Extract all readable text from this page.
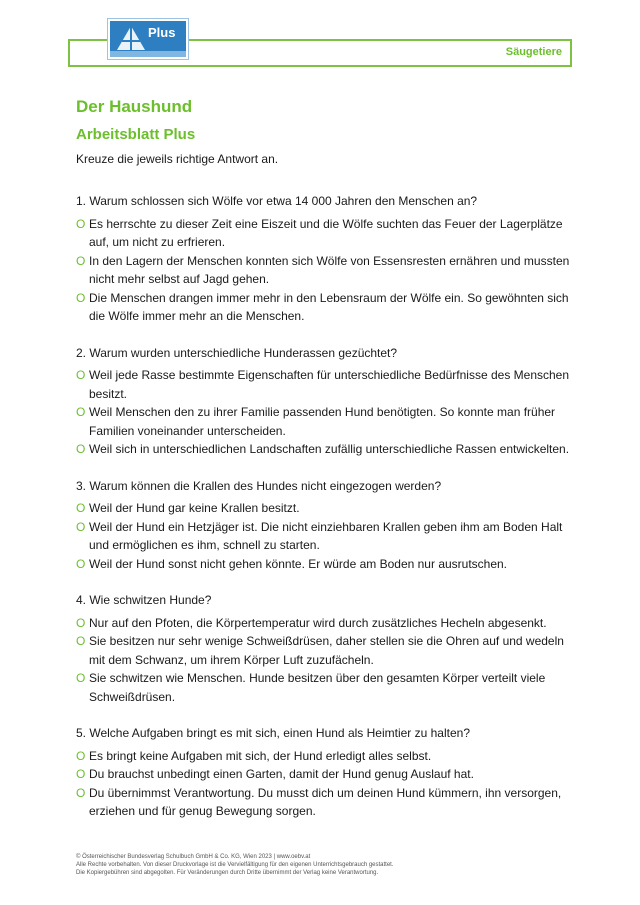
Plus
Säugetiere
Der Haushund
Arbeitsblatt Plus
Kreuze die jeweils richtige Antwort an.
1. Warum schlossen sich Wölfe vor etwa 14 000 Jahren den Menschen an?
O Es herrschte zu dieser Zeit eine Eiszeit und die Wölfe suchten das Feuer der Lagerplätze auf, um nicht zu erfrieren.
O In den Lagern der Menschen konnten sich Wölfe von Essensresten ernähren und mussten nicht mehr selbst auf Jagd gehen.
O Die Menschen drangen immer mehr in den Lebensraum der Wölfe ein. So gewöhnten sich die Wölfe immer mehr an die Menschen.
2. Warum wurden unterschiedliche Hunderassen gezüchtet?
O Weil jede Rasse bestimmte Eigenschaften für unterschiedliche Bedürfnisse des Menschen besitzt.
O Weil Menschen den zu ihrer Familie passenden Hund benötigten. So konnte man früher Familien voneinander unterscheiden.
O Weil sich in unterschiedlichen Landschaften zufällig unterschiedliche Rassen entwickelten.
3. Warum können die Krallen des Hundes nicht eingezogen werden?
O Weil der Hund gar keine Krallen besitzt.
O Weil der Hund ein Hetzjäger ist. Die nicht einziehbaren Krallen geben ihm am Boden Halt und ermöglichen es ihm, schnell zu starten.
O Weil der Hund sonst nicht gehen könnte. Er würde am Boden nur ausrutschen.
4. Wie schwitzen Hunde?
O Nur auf den Pfoten, die Körpertemperatur wird durch zusätzliches Hecheln abgesenkt.
O Sie besitzen nur sehr wenige Schweißdrüsen, daher stellen sie die Ohren auf und wedeln mit dem Schwanz, um ihrem Körper Luft zuzufächeln.
O Sie schwitzen wie Menschen. Hunde besitzen über den gesamten Körper verteilt viele Schweißdrüsen.
5. Welche Aufgaben bringt es mit sich, einen Hund als Heimtier zu halten?
O Es bringt keine Aufgaben mit sich, der Hund erledigt alles selbst.
O Du brauchst unbedingt einen Garten, damit der Hund genug Auslauf hat.
O Du übernimmst Verantwortung. Du musst dich um deinen Hund kümmern, ihn versorgen, erziehen und für genug Bewegung sorgen.
© Österreichischer Bundesverlag Schulbuch GmbH & Co. KG, Wien 2023 | www.oebv.at
Alle Rechte vorbehalten. Von dieser Druckvorlage ist die Vervielfältigung für den eigenen Unterrichtsgebrauch gestattet.
Die Kopiergebühren sind abgegolten. Für Veränderungen durch Dritte übernimmt der Verlag keine Verantwortung.
